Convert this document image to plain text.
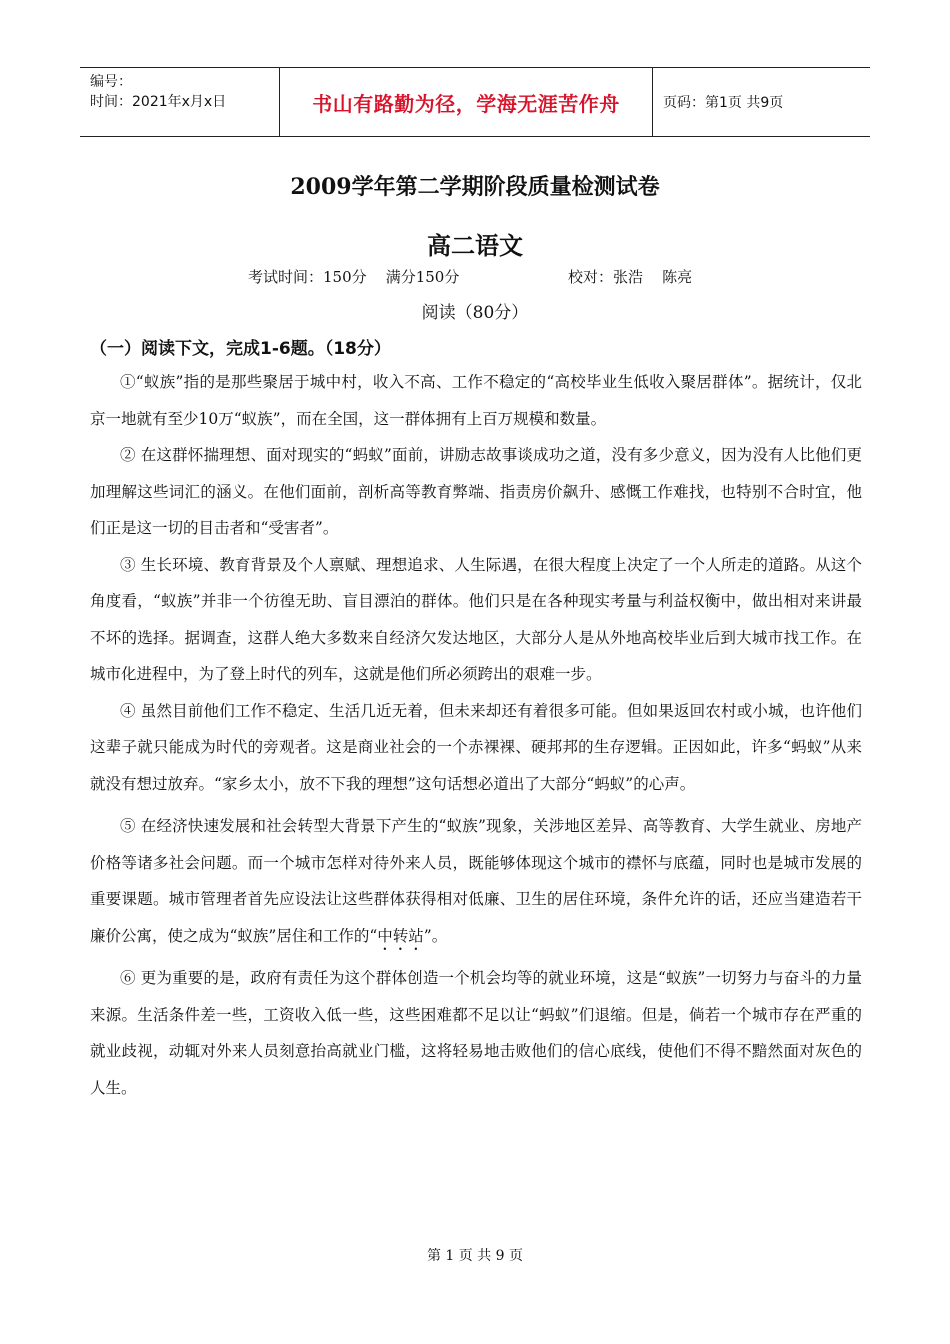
编号：
时间：2021年x月x日	书山有路勤为径，学海无涯苦作舟	页码：第1页 共9页
2009学年第二学期阶段质量检测试卷
高二语文
考试时间：150分    满分150分	校对：张浩    陈亮
阅读（80分）
（一）阅读下文，完成1-6题。（18分）

①“蚁族”指的是那些聚居于城中村，收入不高、工作不稳定的“高校毕业生低收入聚居群体”。据统计，仅北京一地就有至少10万“蚁族”，而在全国，这一群体拥有上百万规模和数量。

② 在这群怀揣理想、面对现实的“蚂蚁”面前，讲励志故事谈成功之道，没有多少意义，因为没有人比他们更加理解这些词汇的涵义。在他们面前，剖析高等教育弊端、指责房价飙升、感慨工作难找，也特别不合时宜，他们正是这一切的目击者和“受害者”。

③ 生长环境、教育背景及个人禀赋、理想追求、人生际遇，在很大程度上决定了一个人所走的道路。从这个角度看，“蚁族”并非一个彷徨无助、盲目漂泊的群体。他们只是在各种现实考量与利益权衡中，做出相对来讲最不坏的选择。据调查，这群人绝大多数来自经济欠发达地区，大部分人是从外地高校毕业后到大城市找工作。在城市化进程中，为了登上时代的列车，这就是他们所必须跨出的艰难一步。

④ 虽然目前他们工作不稳定、生活几近无着，但未来却还有着很多可能。但如果返回农村或小城，也许他们这辈子就只能成为时代的旁观者。这是商业社会的一个赤裸裸、硬邦邦的生存逻辑。正因如此，许多“蚂蚁”从来就没有想过放弃。“家乡太小，放不下我的理想”这句话想必道出了大部分“蚂蚁”的心声。

⑤ 在经济快速发展和社会转型大背景下产生的“蚁族”现象，关涉地区差异、高等教育、大学生就业、房地产价格等诸多社会问题。而一个城市怎样对待外来人员，既能够体现这个城市的襟怀与底蕴，同时也是城市发展的重要课题。城市管理者首先应设法让这些群体获得相对低廉、卫生的居住环境，条件允许的话，还应当建造若干廉价公寓，使之成为“蚁族”居住和工作的“中转站”。

⑥ 更为重要的是，政府有责任为这个群体创造一个机会均等的就业环境，这是“蚁族”一切努力与奋斗的力量来源。生活条件差一些，工资收入低一些，这些困难都不足以让“蚂蚁”们退缩。但是，倘若一个城市存在严重的就业歧视，动辄对外来人员刻意抬高就业门槛，这将轻易地击败他们的信心底线，使他们不得不黯然面对灰色的人生。

第 1 页 共 9 页
